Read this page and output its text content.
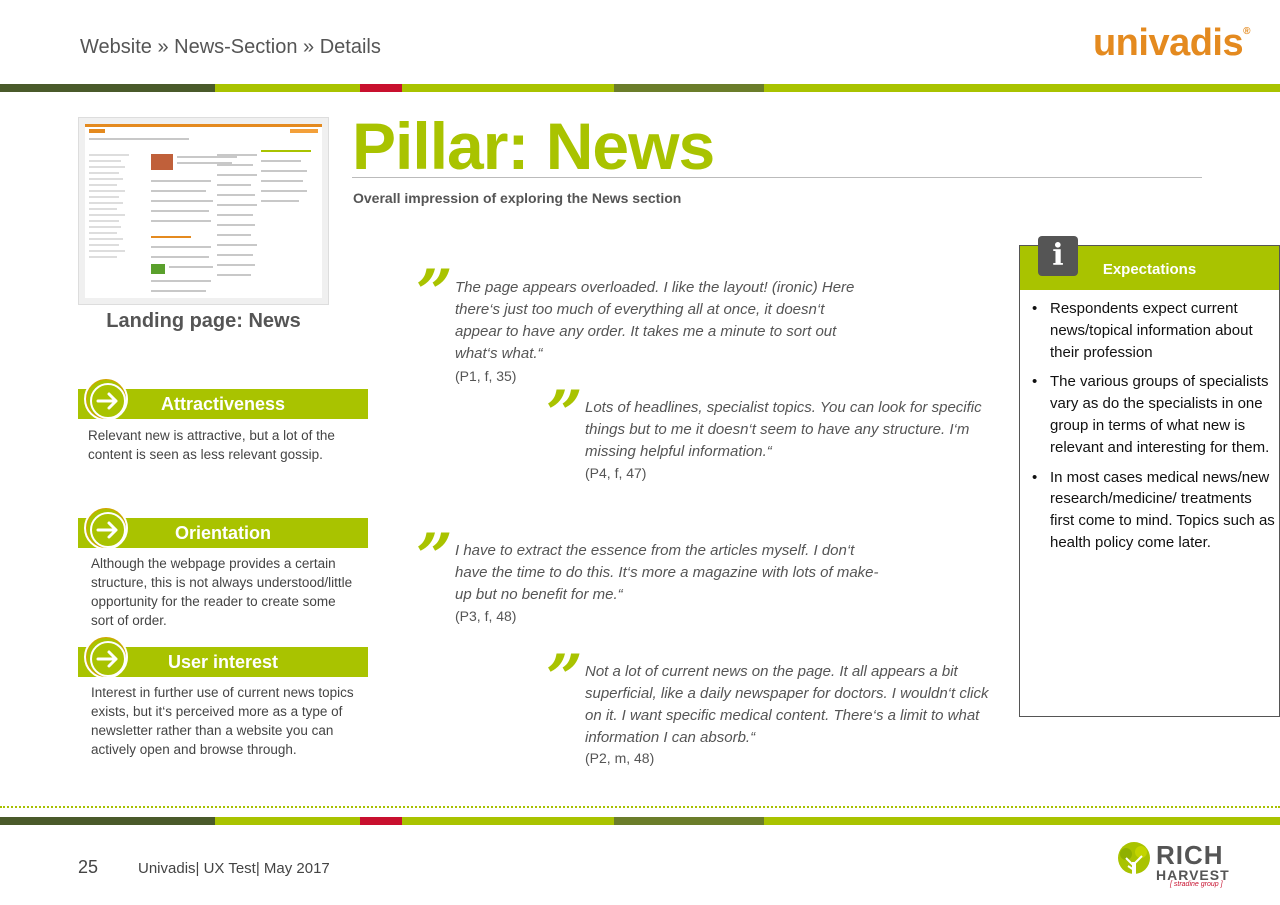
Website » News-Section » Details	univadis®
Landing page: News
Pillar: News
Overall impression of exploring the News section
Attractiveness
Relevant new is attractive, but a lot of the content is seen as less relevant gossip.
Orientation
Although the webpage provides a certain structure, this is not always understood/little opportunity for the reader to create some sort of order.
User interest
Interest in further use of current news topics exists, but it‘s perceived more as a type of newsletter rather than a website you can actively open and browse through.
” The page appears overloaded. I like the layout! (ironic) Here there‘s just too much of everything all at once, it doesn‘t appear to have any order. It takes me a minute to sort out what‘s what.“
(P1, f, 35)
” Lots of headlines, specialist topics. You can look for specific things but to me it doesn‘t seem to have any structure. I‘m missing helpful information.“
(P4, f, 47)
” I have to extract the essence from the articles myself. I don‘t have the time to do this. It‘s more a magazine with lots of make-up but no benefit for me.“
(P3, f, 48)
” Not a lot of current news on the page. It all appears a bit superficial, like a daily newspaper for doctors. I wouldn‘t click on it. I want specific medical content. There‘s a limit to what information I can absorb.“
(P2, m, 48)
Expectations
i
• Respondents expect current news/topical information about their profession
• The various groups of specialists vary as do the specialists in one group in terms of what new is relevant and interesting for them.
• In most cases medical news/new research/medicine/ treatments first come to mind. Topics such as health policy come later.
25	Univadis| UX Test| May 2017	RICH
HARVEST
[ stradine group ]
